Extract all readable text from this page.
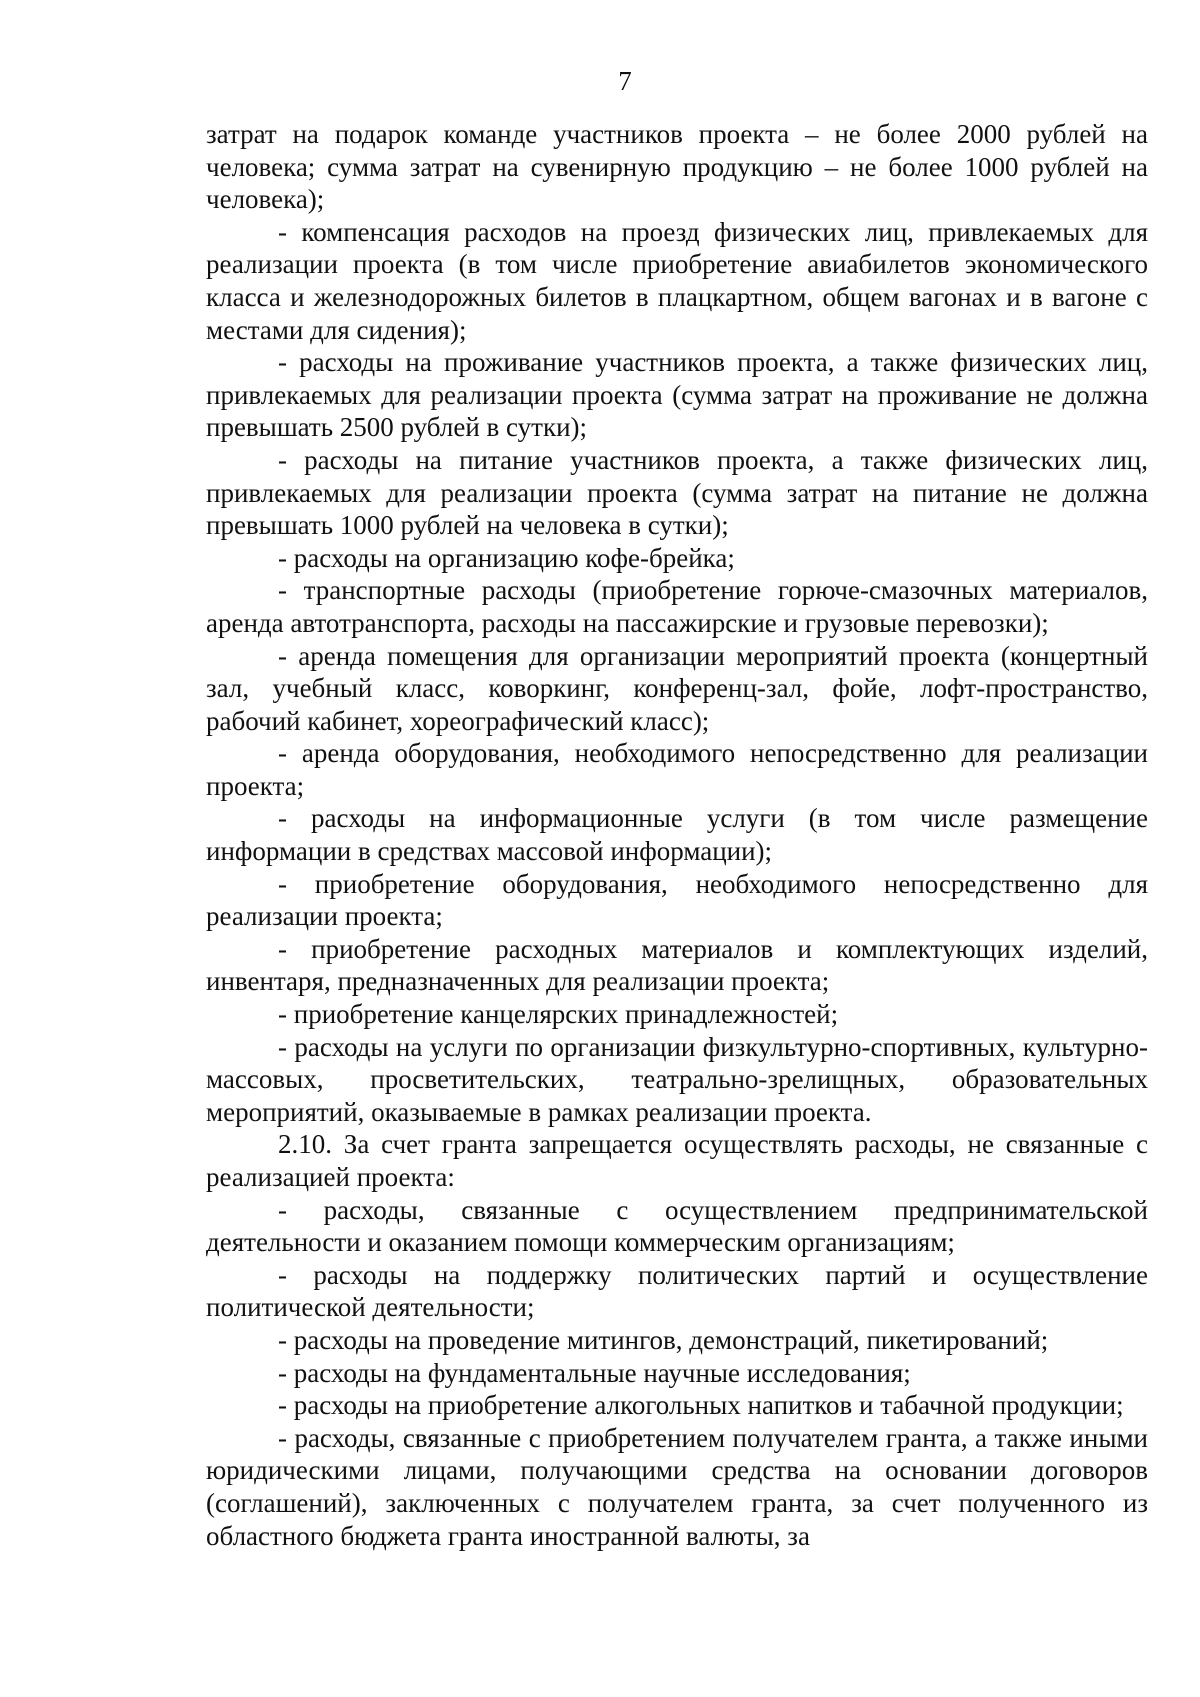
7

затрат на подарок команде участников проекта – не более 2000 рублей на человека; сумма затрат на сувенирную продукцию – не более 1000 рублей на человека);

- компенсация расходов на проезд физических лиц, привлекаемых для реализации проекта (в том числе приобретение авиабилетов экономического класса и железнодорожных билетов в плацкартном, общем вагонах и в вагоне с местами для сидения);

- расходы на проживание участников проекта, а также физических лиц, привлекаемых для реализации проекта (сумма затрат на проживание не должна превышать 2500 рублей в сутки);

- расходы на питание участников проекта, а также физических лиц, привлекаемых для реализации проекта (сумма затрат на питание не должна превышать 1000 рублей на человека в сутки);

- расходы на организацию кофе-брейка;

- транспортные расходы (приобретение горюче-смазочных материалов, аренда автотранспорта, расходы на пассажирские и грузовые перевозки);

- аренда помещения для организации мероприятий проекта (концертный зал, учебный класс, коворкинг, конференц-зал, фойе, лофт-пространство, рабочий кабинет, хореографический класс);

- аренда оборудования, необходимого непосредственно для реализации проекта;

- расходы на информационные услуги (в том числе размещение информации в средствах массовой информации);

- приобретение оборудования, необходимого непосредственно для реализации проекта;

- приобретение расходных материалов и комплектующих изделий, инвентаря, предназначенных для реализации проекта;

- приобретение канцелярских принадлежностей;

- расходы на услуги по организации физкультурно-спортивных, культурно-массовых, просветительских, театрально-зрелищных, образовательных мероприятий, оказываемые в рамках реализации проекта.

2.10. За счет гранта запрещается осуществлять расходы, не связанные с реализацией проекта:

- расходы, связанные с осуществлением предпринимательской деятельности и оказанием помощи коммерческим организациям;

- расходы на поддержку политических партий и осуществление политической деятельности;

- расходы на проведение митингов, демонстраций, пикетирований;

- расходы на фундаментальные научные исследования;

- расходы на приобретение алкогольных напитков и табачной продукции;

- расходы, связанные с приобретением получателем гранта, а также иными юридическими лицами, получающими средства на основании договоров (соглашений), заключенных с получателем гранта, за счет полученного из областного бюджета гранта иностранной валюты, за
